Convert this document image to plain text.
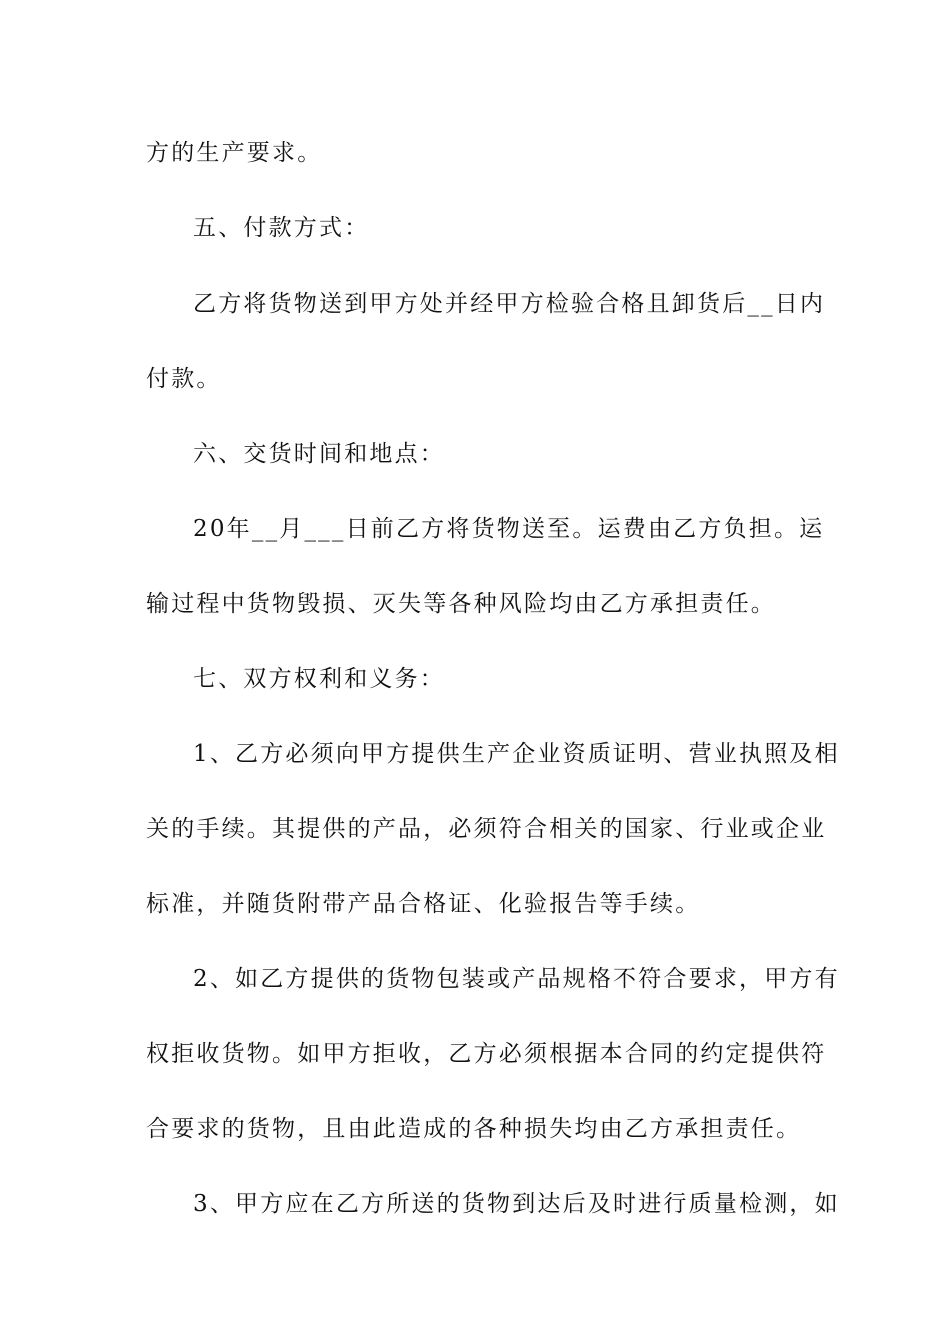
方的生产要求。
五、付款方式：
乙方将货物送到甲方处并经甲方检验合格且卸货后__日内
付款。
六、交货时间和地点：
20年__月___日前乙方将货物送至。运费由乙方负担。运
输过程中货物毁损、灭失等各种风险均由乙方承担责任。
七、双方权利和义务：
1、乙方必须向甲方提供生产企业资质证明、营业执照及相
关的手续。其提供的产品，必须符合相关的国家、行业或企业
标准，并随货附带产品合格证、化验报告等手续。
2、如乙方提供的货物包装或产品规格不符合要求，甲方有
权拒收货物。如甲方拒收，乙方必须根据本合同的约定提供符
合要求的货物，且由此造成的各种损失均由乙方承担责任。
3、甲方应在乙方所送的货物到达后及时进行质量检测，如
